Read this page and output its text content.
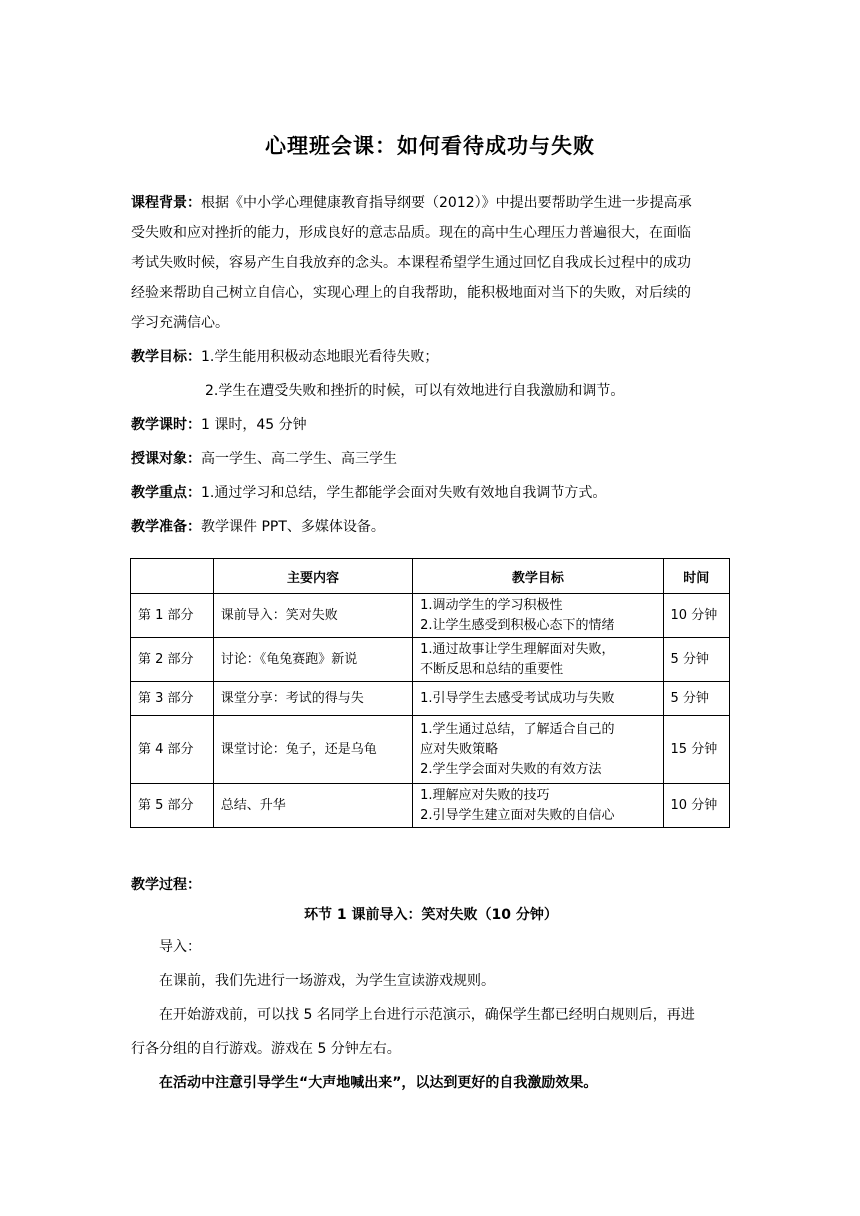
心理班会课：如何看待成功与失败

课程背景：根据《中小学心理健康教育指导纲要（2012）》中提出要帮助学生进一步提高承
受失败和应对挫折的能力，形成良好的意志品质。现在的高中生心理压力普遍很大，在面临
考试失败时候，容易产生自我放弃的念头。本课程希望学生通过回忆自我成长过程中的成功
经验来帮助自己树立自信心，实现心理上的自我帮助，能积极地面对当下的失败，对后续的
学习充满信心。

教学目标：1.学生能用积极动态地眼光看待失败；

2.学生在遭受失败和挫折的时候，可以有效地进行自我激励和调节。

教学课时：1 课时，45 分钟

授课对象：高一学生、高二学生、高三学生

教学重点：1.通过学习和总结，学生都能学会面对失败有效地自我调节方式。

教学准备：教学课件 PPT、多媒体设备。

	主要内容	教学目标	时间
第 1 部分	课前导入：笑对失败	1.调动学生的学习积极性
2.让学生感受到积极心态下的情绪	10 分钟
第 2 部分	讨论：《龟兔赛跑》新说	1.通过故事让学生理解面对失败，
不断反思和总结的重要性	5 分钟
第 3 部分	课堂分享：考试的得与失	1.引导学生去感受考试成功与失败	5 分钟
第 4 部分	课堂讨论：兔子，还是乌龟	1.学生通过总结，了解适合自己的
应对失败策略
2.学生学会面对失败的有效方法	15 分钟
第 5 部分	总结、升华	1.理解应对失败的技巧
2.引导学生建立面对失败的自信心	10 分钟

教学过程：

环节 1 课前导入：笑对失败（10 分钟）

导入：

在课前，我们先进行一场游戏，为学生宣读游戏规则。

在开始游戏前，可以找 5 名同学上台进行示范演示，确保学生都已经明白规则后，再进

行各分组的自行游戏。游戏在 5 分钟左右。

在活动中注意引导学生“大声地喊出来”，以达到更好的自我激励效果。
